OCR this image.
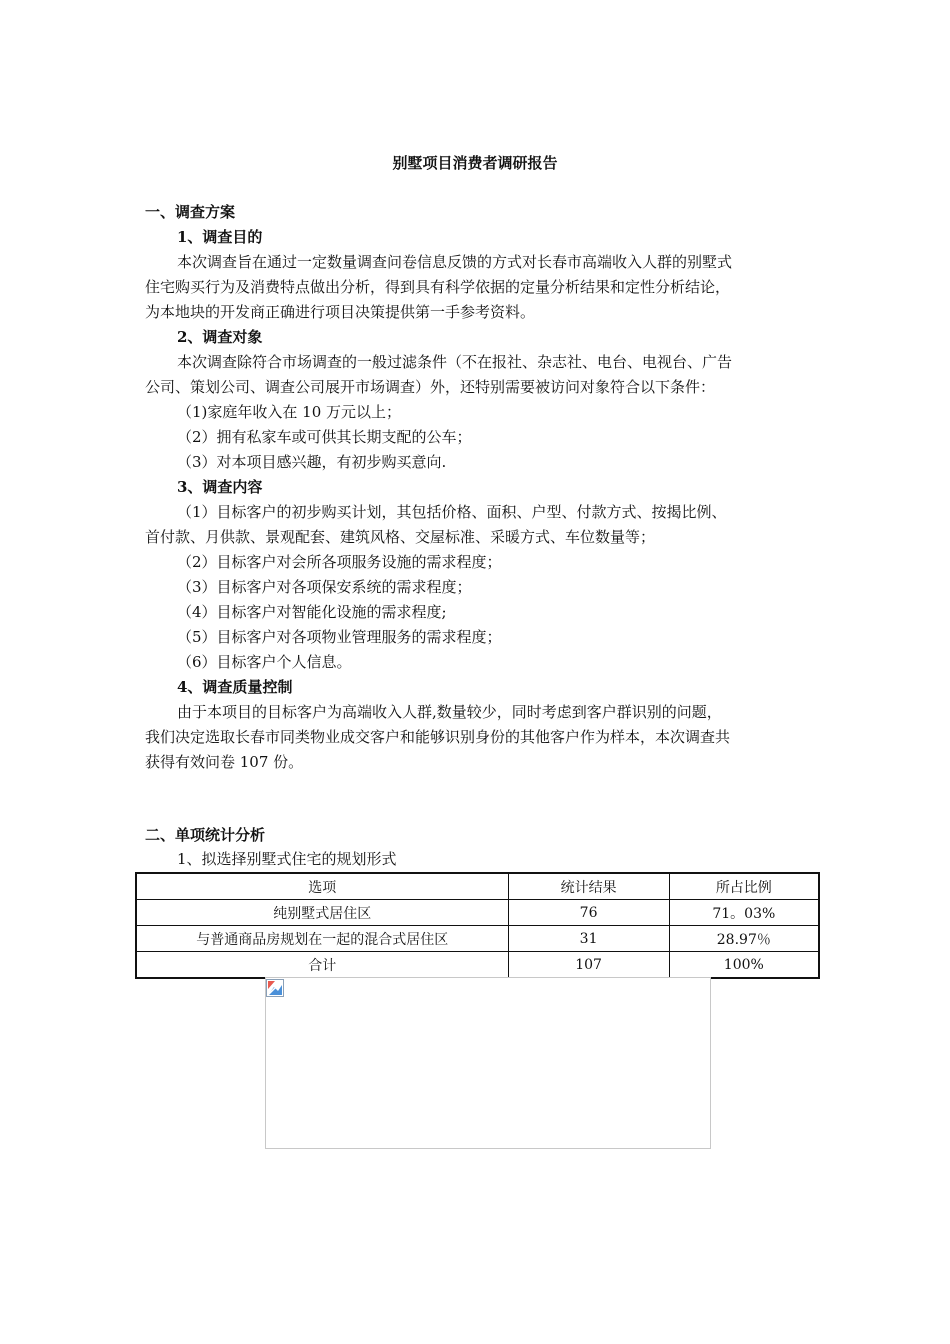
别墅项目消费者调研报告
一、调查方案
1、调查目的
本次调查旨在通过一定数量调查问卷信息反馈的方式对长春市高端收入人群的别墅式
住宅购买行为及消费特点做出分析，得到具有科学依据的定量分析结果和定性分析结论，
为本地块的开发商正确进行项目决策提供第一手参考资料。
2、调查对象
本次调查除符合市场调查的一般过滤条件（不在报社、杂志社、电台、电视台、广告
公司、策划公司、调查公司展开市场调查）外，还特别需要被访问对象符合以下条件：
（1)家庭年收入在 10 万元以上；
（2）拥有私家车或可供其长期支配的公车；
（3）对本项目感兴趣，有初步购买意向.
3、调查内容
（1）目标客户的初步购买计划，其包括价格、面积、户型、付款方式、按揭比例、
首付款、月供款、景观配套、建筑风格、交屋标准、采暖方式、车位数量等；
（2）目标客户对会所各项服务设施的需求程度；
（3）目标客户对各项保安系统的需求程度；
（4）目标客户对智能化设施的需求程度;
（5）目标客户对各项物业管理服务的需求程度；
（6）目标客户个人信息。
4、调查质量控制
由于本项目的目标客户为高端收入人群,数量较少，同时考虑到客户群识别的问题，
我们决定选取长春市同类物业成交客户和能够识别身份的其他客户作为样本，本次调查共
获得有效问卷 107 份。
二、单项统计分析
1、拟选择别墅式住宅的规划形式
选项	统计结果	所占比例
纯别墅式居住区	76	71。03%
与普通商品房规划在一起的混合式居住区	31	28.97％
合计	107	100%
